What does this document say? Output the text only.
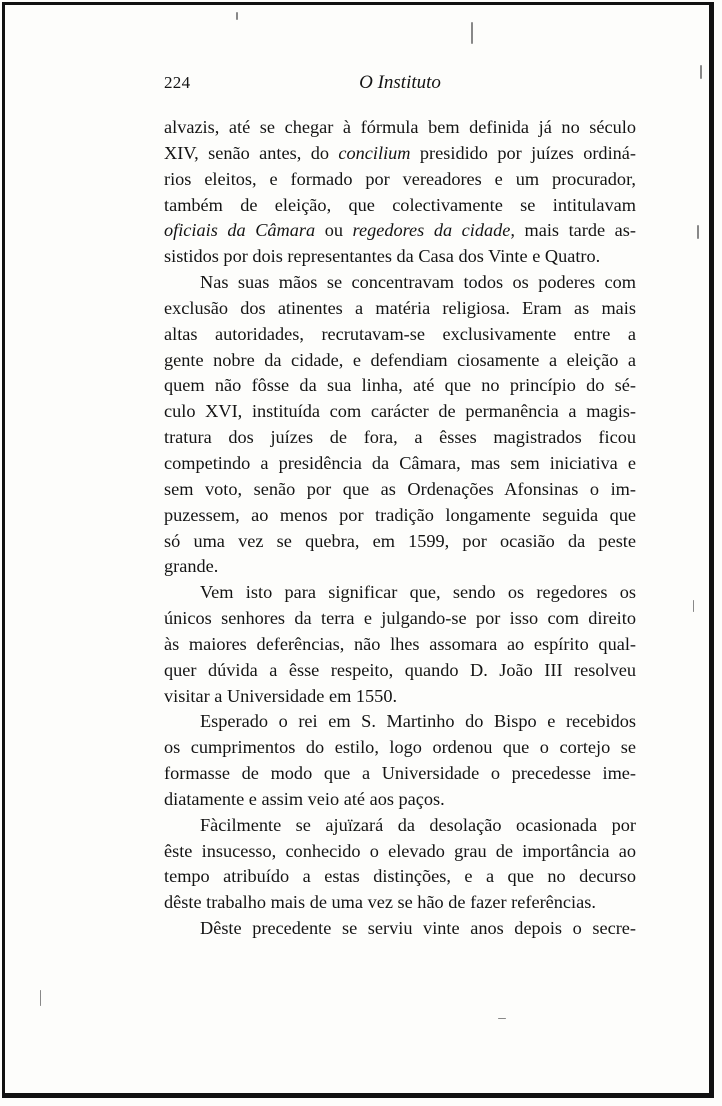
224	O Instituto
alvazis, até se chegar à fórmula bem definida já no século
XIV, senão antes, do concilium presidido por juízes ordiná-
rios eleitos, e formado por vereadores e um procurador,
também de eleição, que colectivamente se intitulavam
oficiais da Câmara ou regedores da cidade, mais tarde as-
sistidos por dois representantes da Casa dos Vinte e Quatro.
Nas suas mãos se concentravam todos os poderes com
exclusão dos atinentes a matéria religiosa. Eram as mais
altas autoridades, recrutavam-se exclusivamente entre a
gente nobre da cidade, e defendiam ciosamente a eleição a
quem não fôsse da sua linha, até que no princípio do sé-
culo XVI, instituída com carácter de permanência a magis-
tratura dos juízes de fora, a êsses magistrados ficou
competindo a presidência da Câmara, mas sem iniciativa e
sem voto, senão por que as Ordenações Afonsinas o im-
puzessem, ao menos por tradição longamente seguida que
só uma vez se quebra, em 1599, por ocasião da peste
grande.
Vem isto para significar que, sendo os regedores os
únicos senhores da terra e julgando-se por isso com direito
às maiores deferências, não lhes assomara ao espírito qual-
quer dúvida a êsse respeito, quando D. João III resolveu
visitar a Universidade em 1550.
Esperado o rei em S. Martinho do Bispo e recebidos
os cumprimentos do estilo, logo ordenou que o cortejo se
formasse de modo que a Universidade o precedesse ime-
diatamente e assim veio até aos paços.
Fàcilmente se ajuïzará da desolação ocasionada por
êste insucesso, conhecido o elevado grau de importância ao
tempo atribuído a estas distinções, e a que no decurso
dêste trabalho mais de uma vez se hão de fazer referências.
Dêste precedente se serviu vinte anos depois o secre-
